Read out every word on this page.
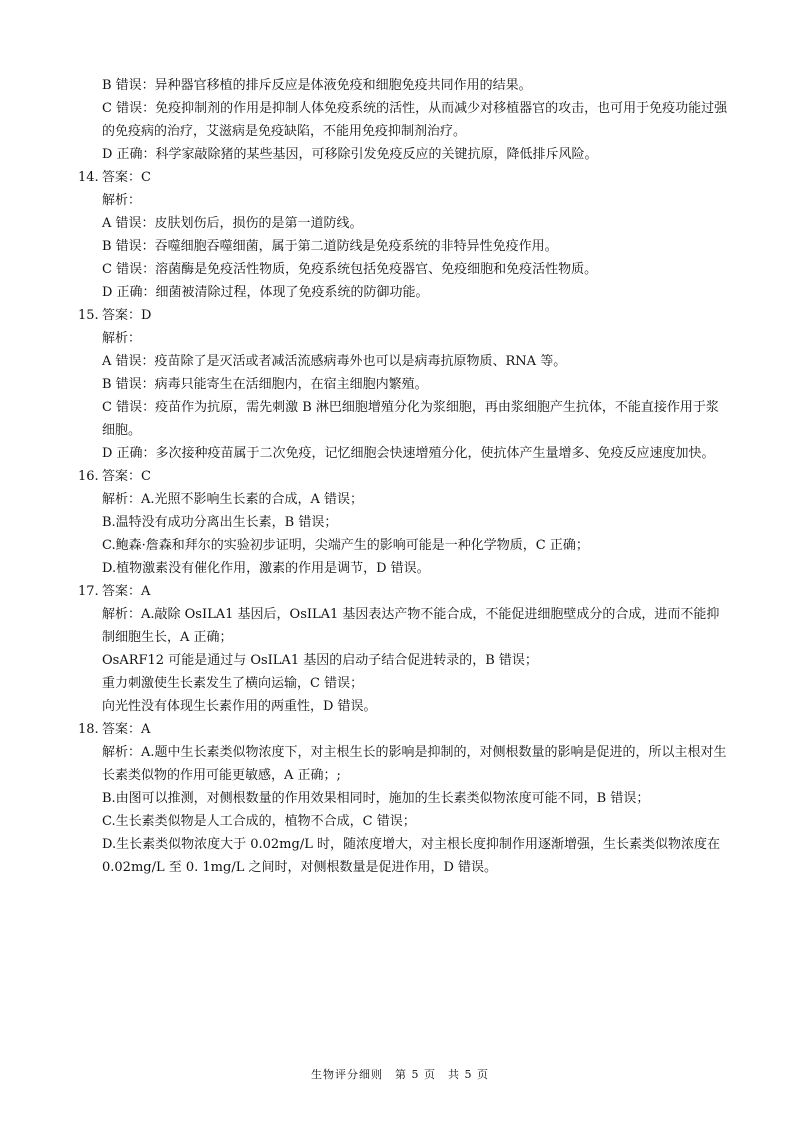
B 错误：异种器官移植的排斥反应是体液免疫和细胞免疫共同作用的结果。
C 错误：免疫抑制剂的作用是抑制人体免疫系统的活性，从而减少对移植器官的攻击，也可用于免疫功能过强的免疫病的治疗，艾滋病是免疫缺陷，不能用免疫抑制剂治疗。
D 正确：科学家敲除猪的某些基因，可移除引发免疫反应的关键抗原，降低排斥风险。
14. 答案：C
解析：
A 错误：皮肤划伤后，损伤的是第一道防线。
B 错误：吞噬细胞吞噬细菌，属于第二道防线是免疫系统的非特异性免疫作用。
C 错误：溶菌酶是免疫活性物质，免疫系统包括免疫器官、免疫细胞和免疫活性物质。
D 正确：细菌被清除过程，体现了免疫系统的防御功能。
15. 答案：D
解析：
A 错误：疫苗除了是灭活或者减活流感病毒外也可以是病毒抗原物质、RNA 等。
B 错误：病毒只能寄生在活细胞内，在宿主细胞内繁殖。
C 错误：疫苗作为抗原，需先刺激 B 淋巴细胞增殖分化为浆细胞，再由浆细胞产生抗体，不能直接作用于浆细胞。
D 正确：多次接种疫苗属于二次免疫，记忆细胞会快速增殖分化，使抗体产生量增多、免疫反应速度加快。
16. 答案：C
解析：A.光照不影响生长素的合成，A 错误；
B.温特没有成功分离出生长素，B 错误；
C.鲍森·詹森和拜尔的实验初步证明，尖端产生的影响可能是一种化学物质，C 正确；
D.植物激素没有催化作用，激素的作用是调节，D 错误。
17. 答案：A
解析：A.敲除 OsILA1 基因后，OsILA1 基因表达产物不能合成，不能促进细胞壁成分的合成，进而不能抑制细胞生长，A 正确；
OsARF12 可能是通过与 OsILA1 基因的启动子结合促进转录的，B 错误；
重力刺激使生长素发生了横向运输，C 错误；
向光性没有体现生长素作用的两重性，D 错误。
18. 答案：A
解析：A.题中生长素类似物浓度下，对主根生长的影响是抑制的，对侧根数量的影响是促进的，所以主根对生长素类似物的作用可能更敏感，A 正确；;
B.由图可以推测，对侧根数量的作用效果相同时，施加的生长素类似物浓度可能不同，B 错误；
C.生长素类似物是人工合成的，植物不合成，C 错误；
D.生长素类似物浓度大于 0.02mg/L 时，随浓度增大，对主根长度抑制作用逐渐增强，生长素类似物浓度在 0.02mg/L 至 0. 1mg/L 之间时，对侧根数量是促进作用，D 错误。
生物评分细则　第 5 页　共 5 页
